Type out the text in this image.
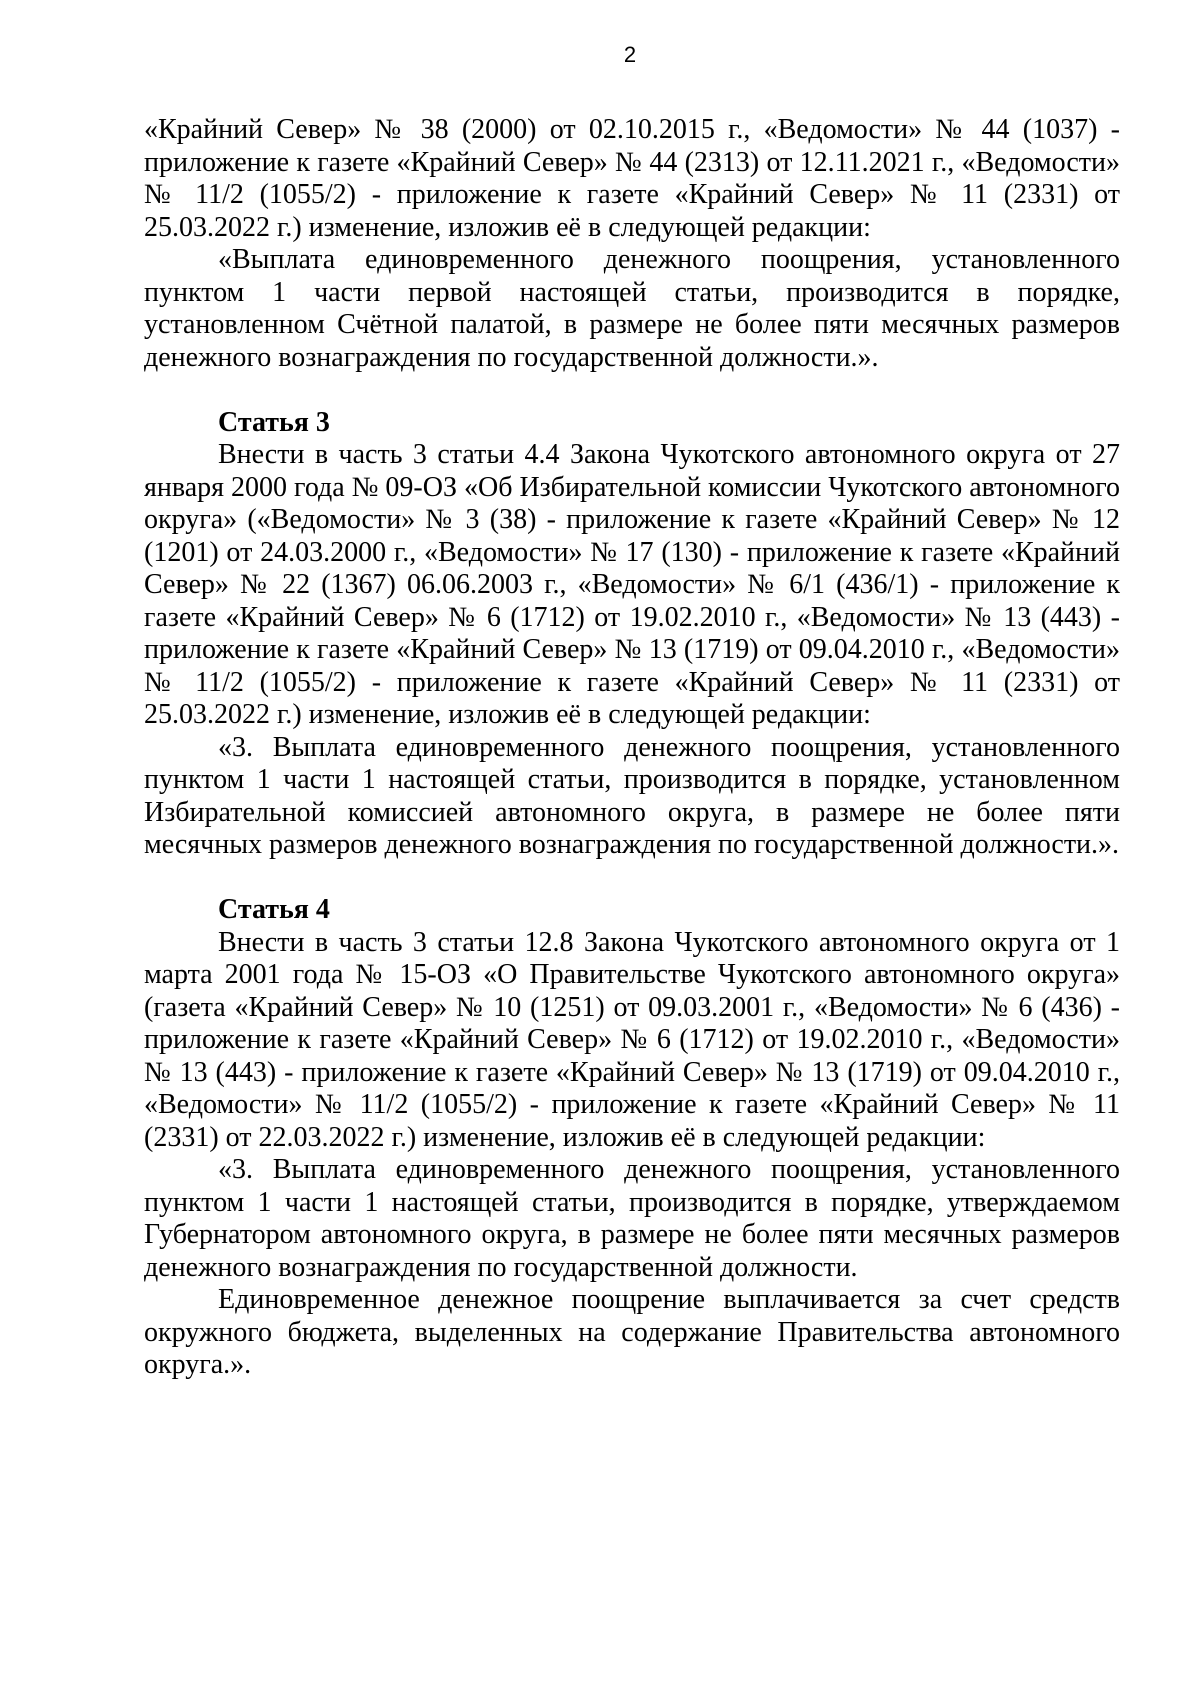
2

«Крайний Север» № 38 (2000) от 02.10.2015 г., «Ведомости» № 44 (1037) - приложение к газете «Крайний Север» № 44 (2313) от 12.11.2021 г., «Ведомости» № 11/2 (1055/2) - приложение к газете «Крайний Север» № 11 (2331) от 25.03.2022 г.) изменение, изложив её в следующей редакции:

«Выплата единовременного денежного поощрения, установленного пунктом 1 части первой настоящей статьи, производится в порядке, установленном Счётной палатой, в размере не более пяти месячных размеров денежного вознаграждения по государственной должности.».

Статья 3

Внести в часть 3 статьи 4.4 Закона Чукотского автономного округа от 27 января 2000 года № 09-ОЗ «Об Избирательной комиссии Чукотского автономного округа» («Ведомости» № 3 (38) - приложение к газете «Крайний Север» № 12 (1201) от 24.03.2000 г., «Ведомости» № 17 (130) - приложение к газете «Крайний Север» № 22 (1367) 06.06.2003 г., «Ведомости» № 6/1 (436/1) - приложение к газете «Крайний Север» № 6 (1712) от 19.02.2010 г., «Ведомости» № 13 (443) - приложение к газете «Крайний Север» № 13 (1719) от 09.04.2010 г., «Ведомости» № 11/2 (1055/2) - приложение к газете «Крайний Север» № 11 (2331) от 25.03.2022 г.) изменение, изложив её в следующей редакции:

«3. Выплата единовременного денежного поощрения, установленного пунктом 1 части 1 настоящей статьи, производится в порядке, установленном Избирательной комиссией автономного округа, в размере не более пяти месячных размеров денежного вознаграждения по государственной должности.».

Статья 4

Внести в часть 3 статьи 12.8 Закона Чукотского автономного округа от 1 марта 2001 года № 15-ОЗ «О Правительстве Чукотского автономного округа» (газета «Крайний Север» № 10 (1251) от 09.03.2001 г., «Ведомости» № 6 (436) - приложение к газете «Крайний Север» № 6 (1712) от 19.02.2010 г., «Ведомости» № 13 (443) - приложение к газете «Крайний Север» № 13 (1719) от 09.04.2010 г., «Ведомости» № 11/2 (1055/2) - приложение к газете «Крайний Север» № 11 (2331) от 22.03.2022 г.) изменение, изложив её в следующей редакции:

«3. Выплата единовременного денежного поощрения, установленного пунктом 1 части 1 настоящей статьи, производится в порядке, утверждаемом Губернатором автономного округа, в размере не более пяти месячных размеров денежного вознаграждения по государственной должности.

Единовременное денежное поощрение выплачивается за счет средств окружного бюджета, выделенных на содержание Правительства автономного округа.».
